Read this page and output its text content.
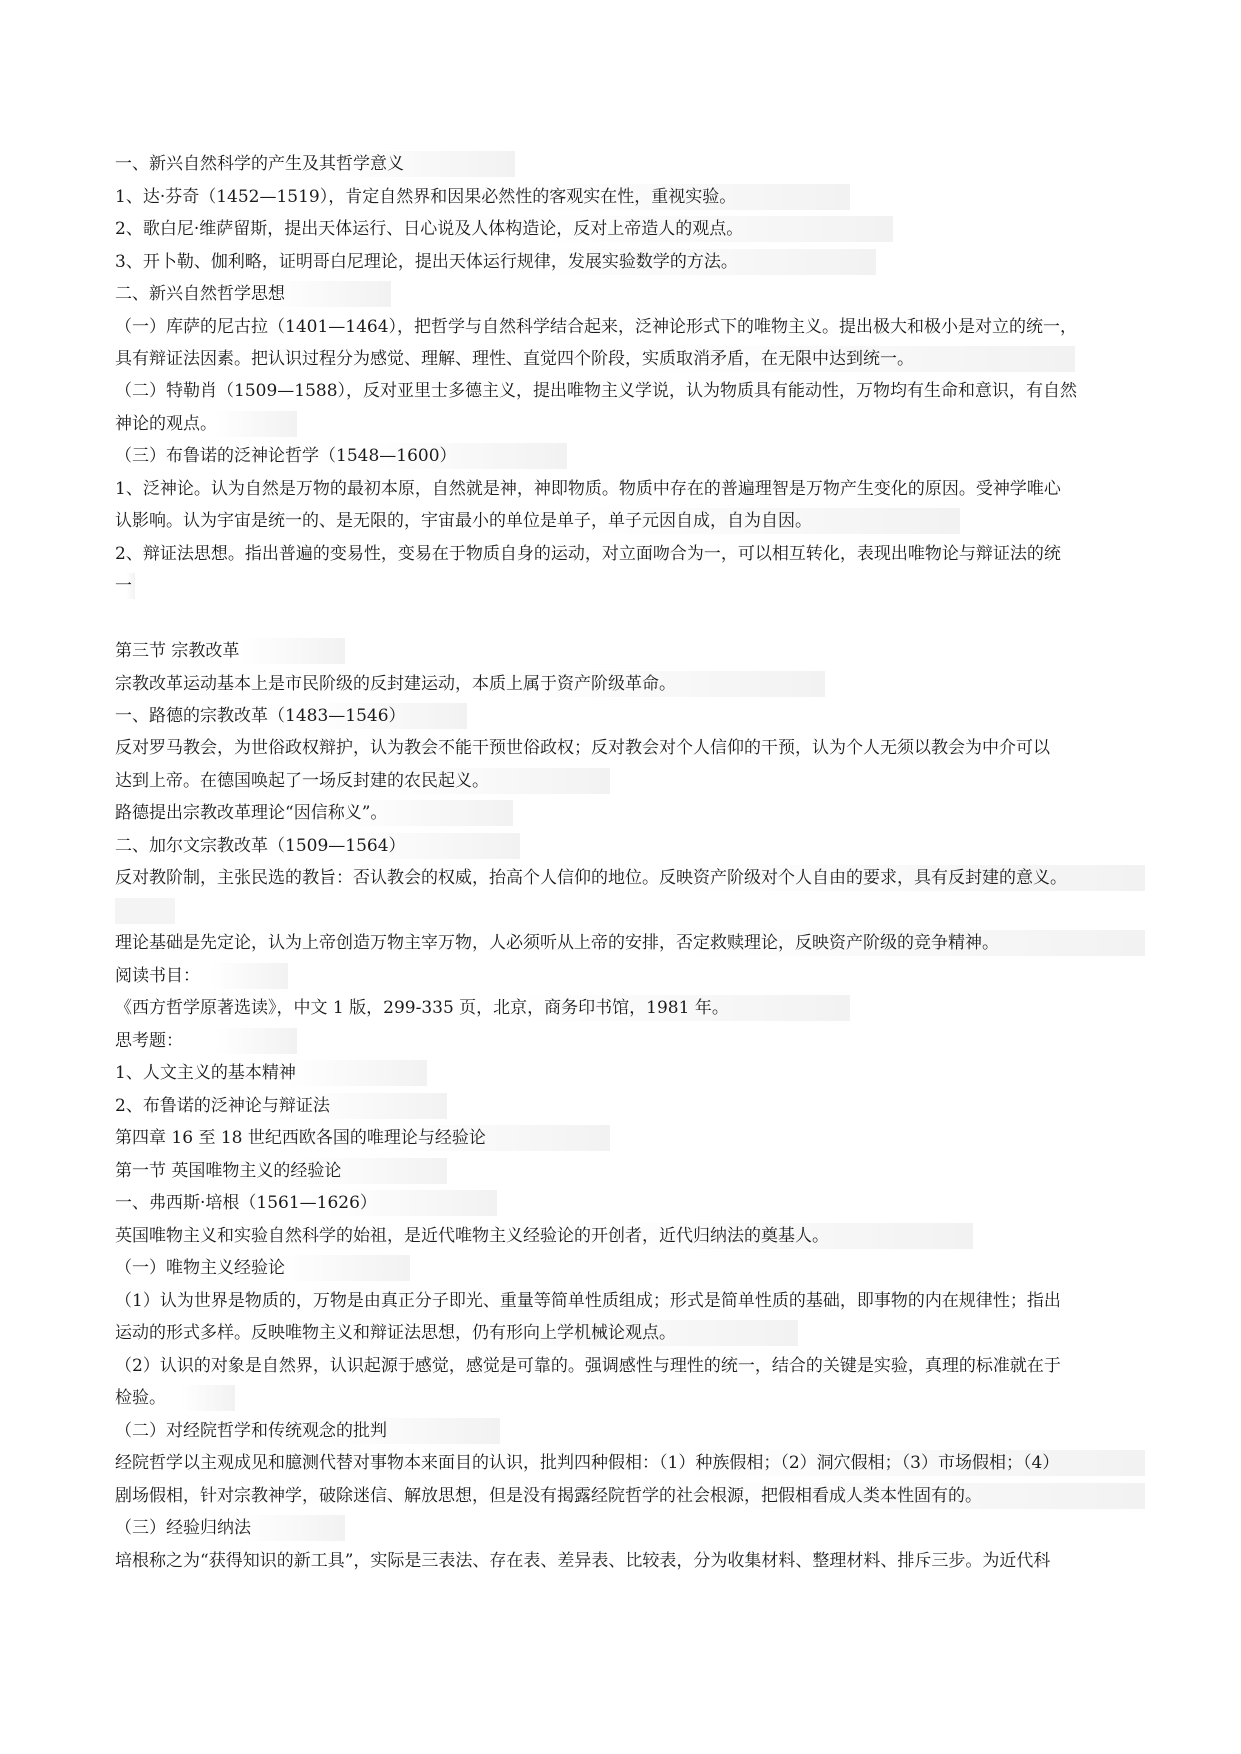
一、新兴自然科学的产生及其哲学意义
1、达·芬奇（1452—1519），肯定自然界和因果必然性的客观实在性，重视实验。
2、歌白尼·维萨留斯，提出天体运行、日心说及人体构造论，反对上帝造人的观点。
3、开卜勒、伽利略，证明哥白尼理论，提出天体运行规律，发展实验数学的方法。
二、新兴自然哲学思想
（一）库萨的尼古拉（1401—1464），把哲学与自然科学结合起来，泛神论形式下的唯物主义。提出极大和极小是对立的统一，
具有辩证法因素。把认识过程分为感觉、理解、理性、直觉四个阶段，实质取消矛盾，在无限中达到统一。
（二）特勒肖（1509—1588），反对亚里士多德主义，提出唯物主义学说，认为物质具有能动性，万物均有生命和意识，有自然
神论的观点。
（三）布鲁诺的泛神论哲学（1548—1600）
1、泛神论。认为自然是万物的最初本原，自然就是神，神即物质。物质中存在的普遍理智是万物产生变化的原因。受神学唯心
认影响。认为宇宙是统一的、是无限的，宇宙最小的单位是单子，单子元因自成，自为自因。
2、辩证法思想。指出普遍的变易性，变易在于物质自身的运动，对立面吻合为一，可以相互转化，表现出唯物论与辩证法的统
一
第三节 宗教改革
宗教改革运动基本上是市民阶级的反封建运动，本质上属于资产阶级革命。
一、路德的宗教改革（1483—1546）
反对罗马教会，为世俗政权辩护，认为教会不能干预世俗政权；反对教会对个人信仰的干预，认为个人无须以教会为中介可以
达到上帝。在德国唤起了一场反封建的农民起义。
路德提出宗教改革理论“因信称义”。
二、加尔文宗教改革（1509—1564）
反对教阶制，主张民选的教旨：否认教会的权威，抬高个人信仰的地位。反映资产阶级对个人自由的要求，具有反封建的意义。
理论基础是先定论，认为上帝创造万物主宰万物，人必须听从上帝的安排，否定救赎理论，反映资产阶级的竞争精神。
阅读书目：
《西方哲学原著选读》，中文 1 版，299-335 页，北京，商务印书馆，1981 年。
思考题：
1、人文主义的基本精神
2、布鲁诺的泛神论与辩证法
第四章 16 至 18 世纪西欧各国的唯理论与经验论
第一节 英国唯物主义的经验论
一、弗西斯·培根（1561—1626）
英国唯物主义和实验自然科学的始祖，是近代唯物主义经验论的开创者，近代归纳法的奠基人。
（一）唯物主义经验论
（1）认为世界是物质的，万物是由真正分子即光、重量等简单性质组成；形式是简单性质的基础，即事物的内在规律性；指出
运动的形式多样。反映唯物主义和辩证法思想，仍有形向上学机械论观点。
（2）认识的对象是自然界，认识起源于感觉，感觉是可靠的。强调感性与理性的统一，结合的关键是实验，真理的标准就在于
检验。
（二）对经院哲学和传统观念的批判
经院哲学以主观成见和臆测代替对事物本来面目的认识，批判四种假相：（1）种族假相；（2）洞穴假相；（3）市场假相；（4）
剧场假相，针对宗教神学，破除迷信、解放思想，但是没有揭露经院哲学的社会根源，把假相看成人类本性固有的。
（三）经验归纳法
培根称之为“获得知识的新工具”，实际是三表法、存在表、差异表、比较表，分为收集材料、整理材料、排斥三步。为近代科
